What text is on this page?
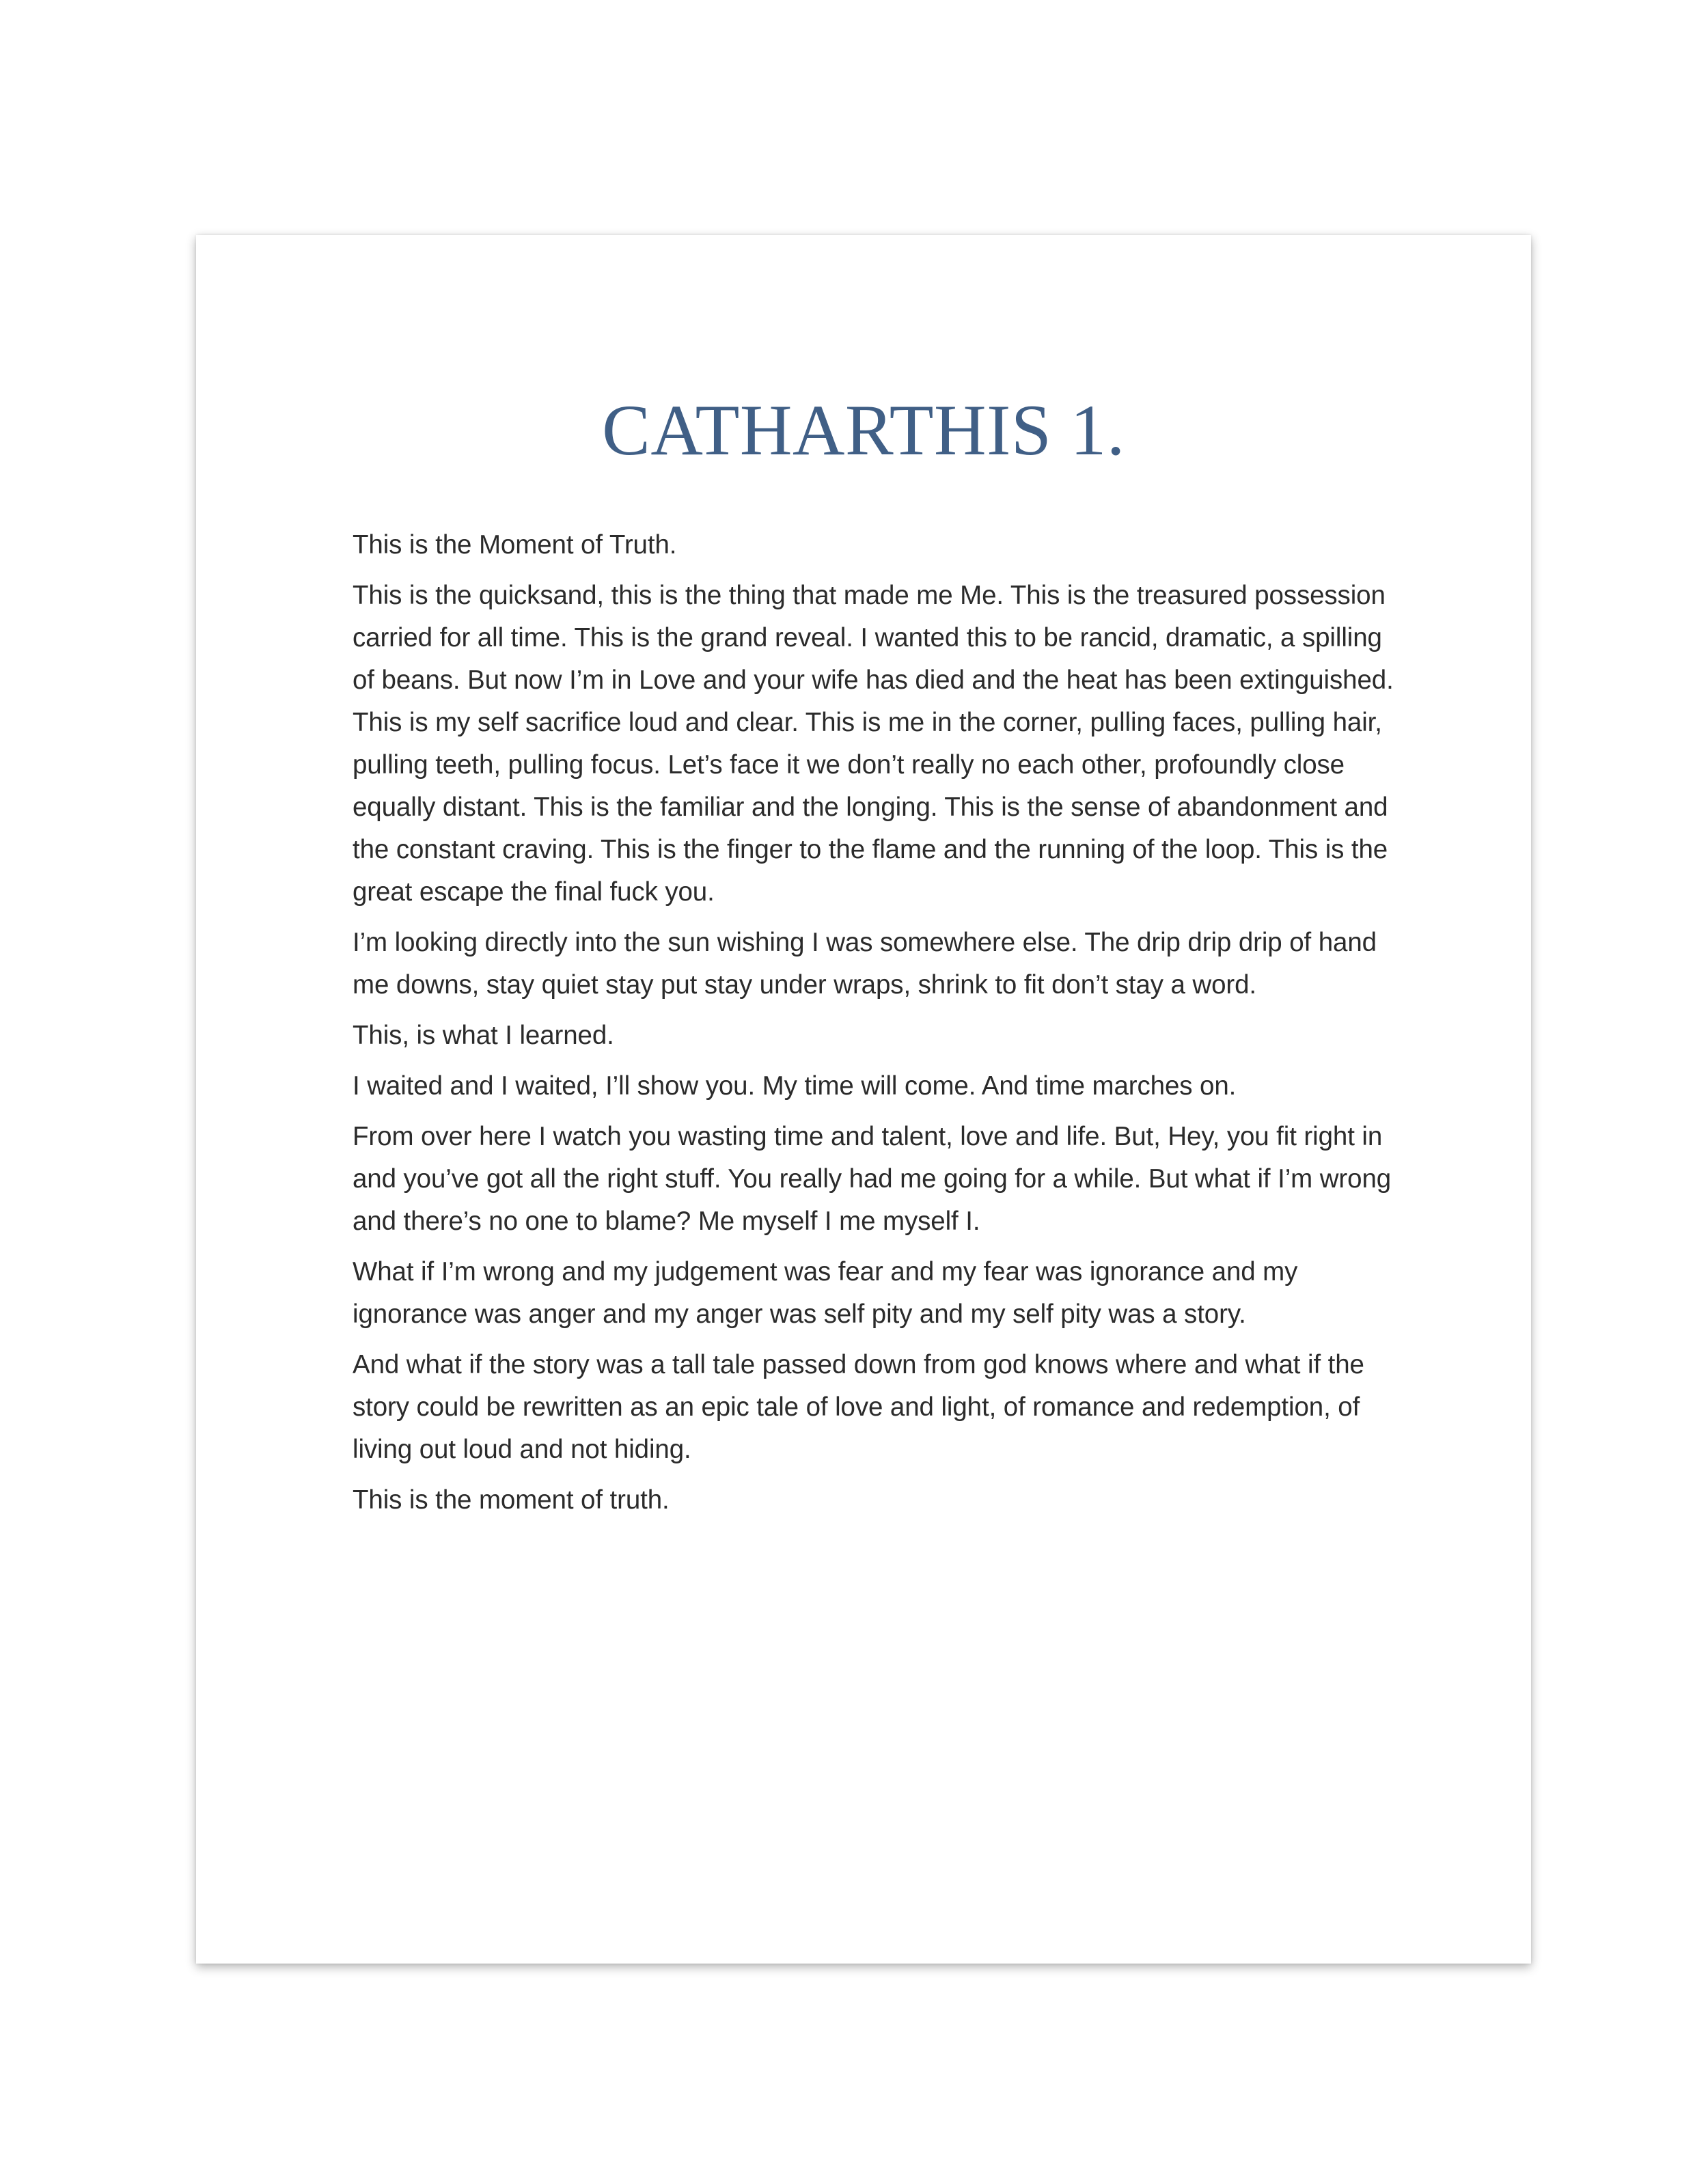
CATHARTHIS 1.

This is the Moment of Truth.

This is the quicksand, this is the thing that made me Me. This is the treasured possession carried for all time. This is the grand reveal. I wanted this to be rancid, dramatic, a spilling of beans. But now I’m in Love and your wife has died and the heat has been extinguished. This is my self sacrifice loud and clear. This is me in the corner, pulling faces, pulling hair, pulling teeth, pulling focus. Let’s face it we don’t really no each other, profoundly close equally distant. This is the familiar and the longing. This is the sense of abandonment and the constant craving. This is the finger to the flame and the running of the loop. This is the great escape the final fuck you.

I’m looking directly into the sun wishing I was somewhere else. The drip drip drip of hand me downs, stay quiet stay put stay under wraps, shrink to fit don’t stay a word.

This, is what I learned.

I waited and I waited, I’ll show you. My time will come. And time marches on.

From over here I watch you wasting time and talent, love and life. But, Hey, you fit right in and you’ve got all the right stuff. You really had me going for a while. But what if I’m wrong and there’s no one to blame? Me myself I me myself I.

What if I’m wrong and my judgement was fear and my fear was ignorance and my ignorance was anger and my anger was self pity and my self pity was a story.

And what if the story was a tall tale passed down from god knows where and what if the story could be rewritten as an epic tale of love and light, of romance and redemption, of living out loud and not hiding.

This is the moment of truth.
